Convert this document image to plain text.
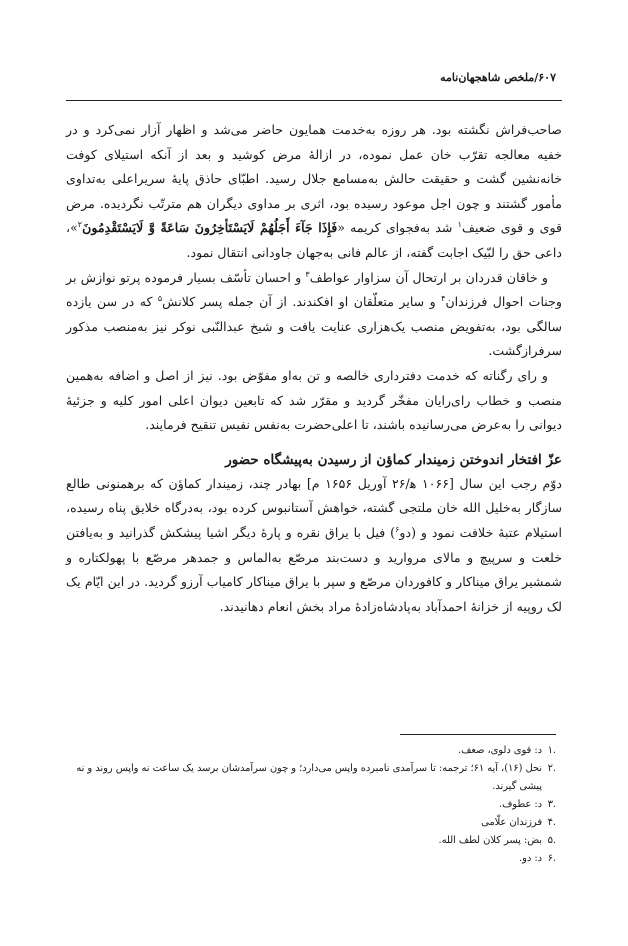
۶۰۷/ملخص شاهجهان‌نامه

صاحب‌فراش نگشته بود. هر روزه به‌خدمت همایون حاضر می‌شد و اظهار آزار نمی‌کرد و در خفیه معالجه تقرّب خان عمل نموده، در ازالهٔ مرض کوشید و بعد از آنکه استیلای کوفت خانه‌نشین گشت و حقیقت حالش به‌مسامع جلال رسید. اطبّای حاذق پایهٔ سریراعلی به‌تداوی مأمور گشتند و چون اجل موعود رسیده بود، اثری بر مداوی دیگران هم مترتّب نگردیده. مرض قوی و قوی ضعیف$^۱$ شد به‌فجوای کریمه «فَإِذَا جَآءَ أَجَلُهُمْ لَایَسْتَأخِرُونَ سَاعَةً وَّ لَایَسْتَقْدِمُونَ$^۲$»، داعی حق را لبّیک اجابت گفته، از عالم فانی به‌جهان جاودانی انتقال نمود.

و خاقان قدردان بر ارتحال آن سزاوار عواطف$^۳$ و احسان تأسّف بسیار فرموده پرتو نوازش بر وجنات احوال فرزندان$^۴$ و سایر متعلّقان او افکندند. از آن جمله پسر کلانش$^۵$ که در سن یازده سالگی بود، به‌تفویض منصب یک‌هزاری عنایت یافت و شیخ عبدالنّبی نوکر نیز به‌منصب مذکور سرفرازگشت.

و رای رگناته که خدمت دفترداری خالصه و تن به‌او مفوّض بود. نیز از اصل و اضافه به‌همین منصب و خطاب رای‌رایان مفخّر گردید و مقرّر شد که تابعین دیوان اعلی امور کلیه و جزئیهٔ دیوانی را به‌عرض می‌رسانیده باشند، تا اعلی‌حضرت به‌نفس نفیس تنقیح فرمایند.

عزّ افتخار اندوختن زمیندار کماؤن از رسیدن به‌پیشگاه حضور

دوّم رجب این سال [۱۰۶۶ ه‍/۲۶ آوریل ۱۶۵۶ م] بهادر چند، زمیندار کماؤن که برهمنونی طالع سازگار به‌خلیل الله خان ملتجی گشته، خواهش آستانبوس کرده بود، به‌درگاه خلایق پناه رسیده، استیلام عتبهٔ خلافت نمود و (دو$^۶$) فیل با یراق نقره و پارهٔ دیگر اشیا پیشکش گذرانید و به‌یافتن خلعت و سرپیچ و مالای مروارید و دست‌بند مرصّع به‌الماس و جمدهر مرصّع با پهولکتاره و شمشیر یراق میناکار و کافوردان مرصّع و سپر با یراق میناکار کامیاب آرزو گردید. در این ایّام یک لک روپیه از خزانهٔ احمدآباد به‌پادشاه‌زادهٔ مراد بخش انعام دهانیدند.

.۱
د: قوی دلوی، صعف.
.۲
نحل (۱۶)، آیه ۶۱؛ ترجمه: تا سرآمدی نامبرده واپس می‌دارد؛ و چون سرآمدشان برسد یک ساعت نه واپس روند و نه پیشی گیرند.
.۳
د: عطوف.
.۴
فرزندان علّامی
.۵
بض: پسر کلان لطف الله.
.۶
د: دو.
